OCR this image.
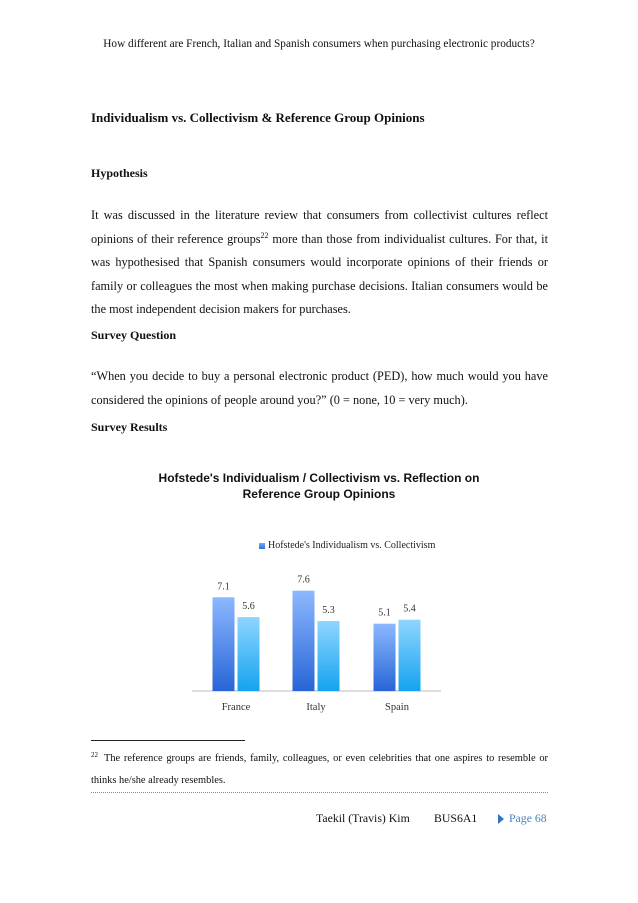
How different are French, Italian and Spanish consumers when purchasing electronic products?
Individualism vs. Collectivism & Reference Group Opinions
Hypothesis
It was discussed in the literature review that consumers from collectivist cultures reflect opinions of their reference groups$^{22}$ more than those from individualist cultures. For that, it was hypothesised that Spanish consumers would incorporate opinions of their friends or family or colleagues the most when making purchase decisions. Italian consumers would be the most independent decision makers for purchases.
Survey Question
“When you decide to buy a personal electronic product (PED), how much would you have considered the opinions of people around you?” (0 = none, 10 = very much).
Survey Results
Hofstede's Individualism / Collectivism vs. Reflection on Reference Group Opinions
Hofstede's Individualism vs. Collectivism
7.1
5.6
France
7.6
5.3
Italy
5.1 5.4
Spain
$^{22}$ The reference groups are friends, family, colleagues, or even celebrities that one aspires to resemble or thinks he/she already resembles.
Taekil (Travis) Kim BUS6A1	Page 68
